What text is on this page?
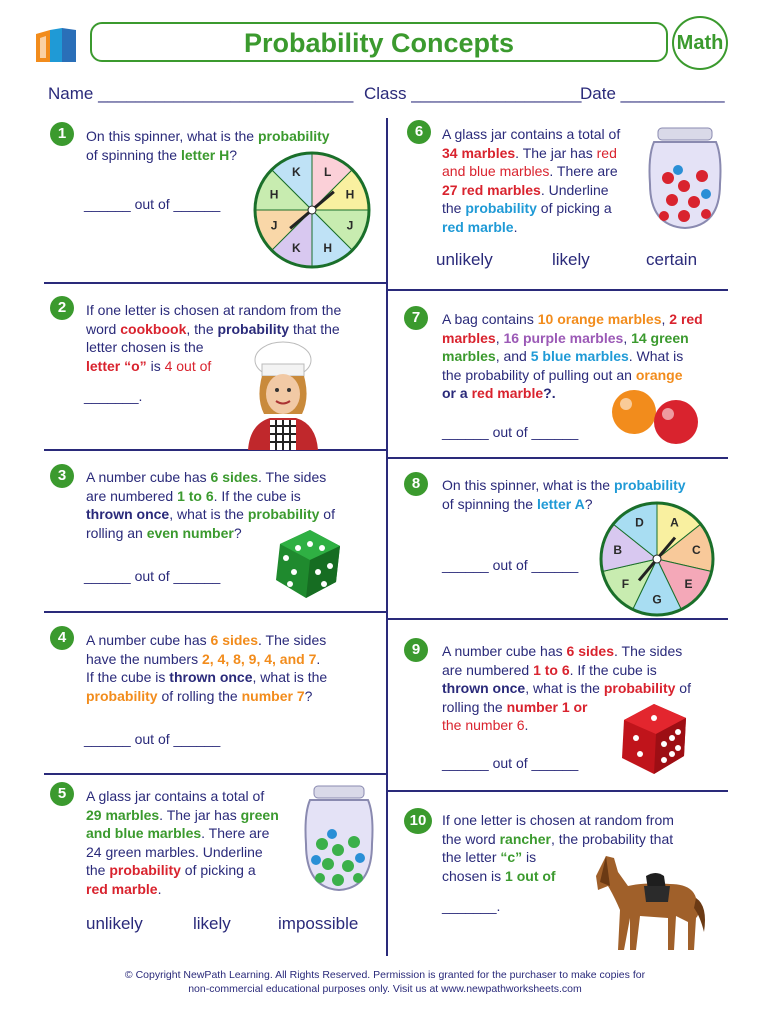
Probability Concepts	Math
Name ___________________________ Class __________________
Date ___________
1	On this spinner, what is the probability
of spinning the letter H?
______ out of ______
L
H
J
H
K
J
H
K
2	If one letter is chosen at random from the
word cookbook, the probability that the
letter chosen is the
letter “o” is 4 out of
_______.
3	A number cube has 6 sides. The sides
are numbered 1 to 6. If the cube is
thrown once, what is the probability of
rolling an even number?
______ out of ______
4	A number cube has 6 sides. The sides
have the numbers 2, 4, 8, 9, 4, and 7.
If the cube is thrown once, what is the
probability of rolling the number 7?
______ out of ______
5	A glass jar contains a total of
29 marbles. The jar has green
and blue marbles. There are
24 green marbles. Underline
the probability of picking a
red marble.
unlikely	likely	impossible
6	A glass jar contains a total of
34 marbles. The jar has red
and blue marbles. There are
27 red marbles. Underline
the probability of picking a
red marble.
unlikely	likely	certain
7	A bag contains 10 orange marbles, 2 red
marbles, 16 purple marbles, 14 green
marbles, and 5 blue marbles. What is
the probability of pulling out an orange
or a red marble?.
______ out of ______
8	On this spinner, what is the probability
of spinning the letter A?
______ out of ______
A
C
E
G
F
B
D
9	A number cube has 6 sides. The sides
are numbered 1 to 6. If the cube is
thrown once, what is the probability of
rolling the number 1 or
the number 6.
______ out of ______
10	If one letter is chosen at random from
the word rancher, the probability that
the letter “c” is
chosen is 1 out of
_______.
© Copyright NewPath Learning. All Rights Reserved. Permission is granted for the purchaser to make copies for
non-commercial educational purposes only. Visit us at www.newpathworksheets.com
